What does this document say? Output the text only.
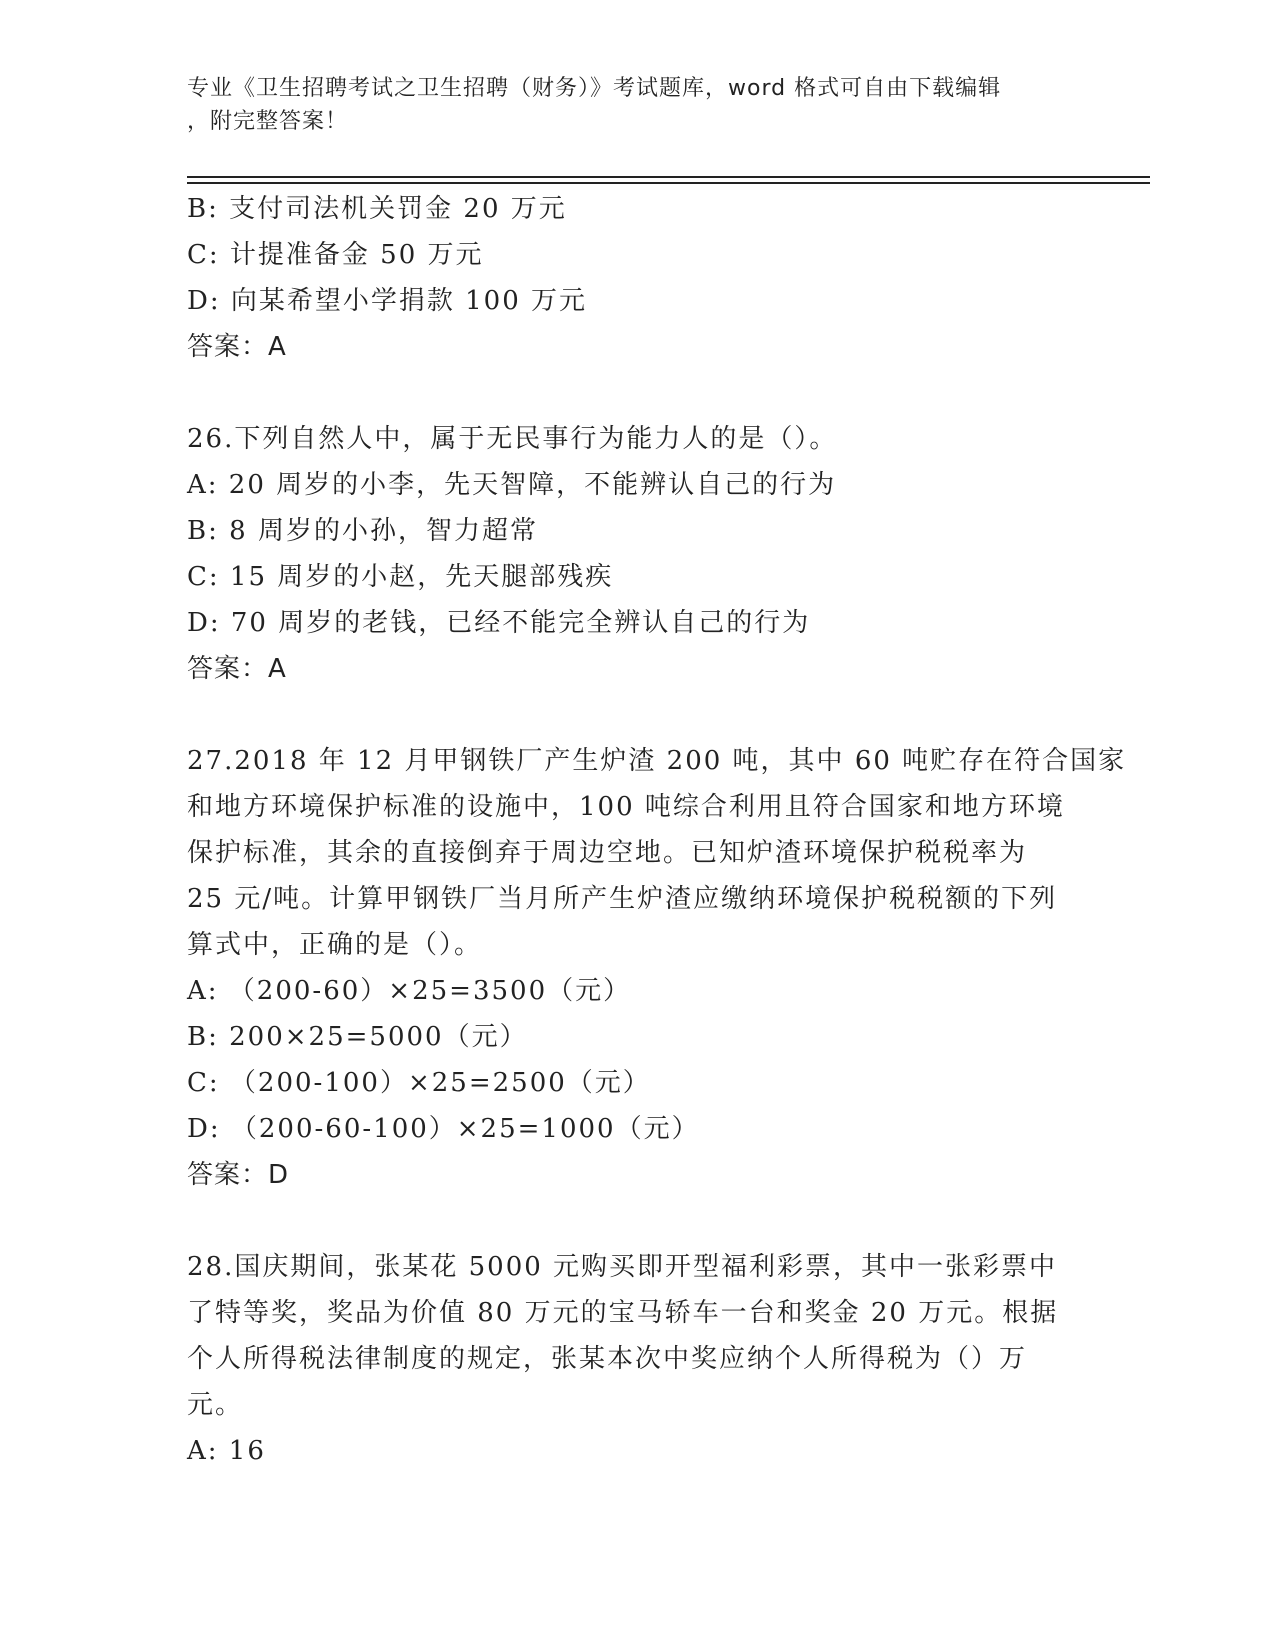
专业《卫生招聘考试之卫生招聘（财务）》考试题库，word 格式可自由下载编辑
，附完整答案！
B: 支付司法机关罚金 20 万元
C: 计提准备金 50 万元
D: 向某希望小学捐款 100 万元
答案：A
26.下列自然人中，属于无民事行为能力人的是（）。
A: 20 周岁的小李，先天智障，不能辨认自己的行为
B: 8 周岁的小孙，智力超常
C: 15 周岁的小赵，先天腿部残疾
D: 70 周岁的老钱，已经不能完全辨认自己的行为
答案：A
27.2018 年 12 月甲钢铁厂产生炉渣 200 吨，其中 60 吨贮存在符合国家
和地方环境保护标准的设施中，100 吨综合利用且符合国家和地方环境
保护标准，其余的直接倒弃于周边空地。已知炉渣环境保护税税率为
25 元/吨。计算甲钢铁厂当月所产生炉渣应缴纳环境保护税税额的下列
算式中，正确的是（）。
A: （200-60）×25=3500（元）
B: 200×25=5000（元）
C: （200-100）×25=2500（元）
D: （200-60-100）×25=1000（元）
答案：D
28.国庆期间，张某花 5000 元购买即开型福利彩票，其中一张彩票中
了特等奖，奖品为价值 80 万元的宝马轿车一台和奖金 20 万元。根据
个人所得税法律制度的规定，张某本次中奖应纳个人所得税为（）万
元。
A: 16
